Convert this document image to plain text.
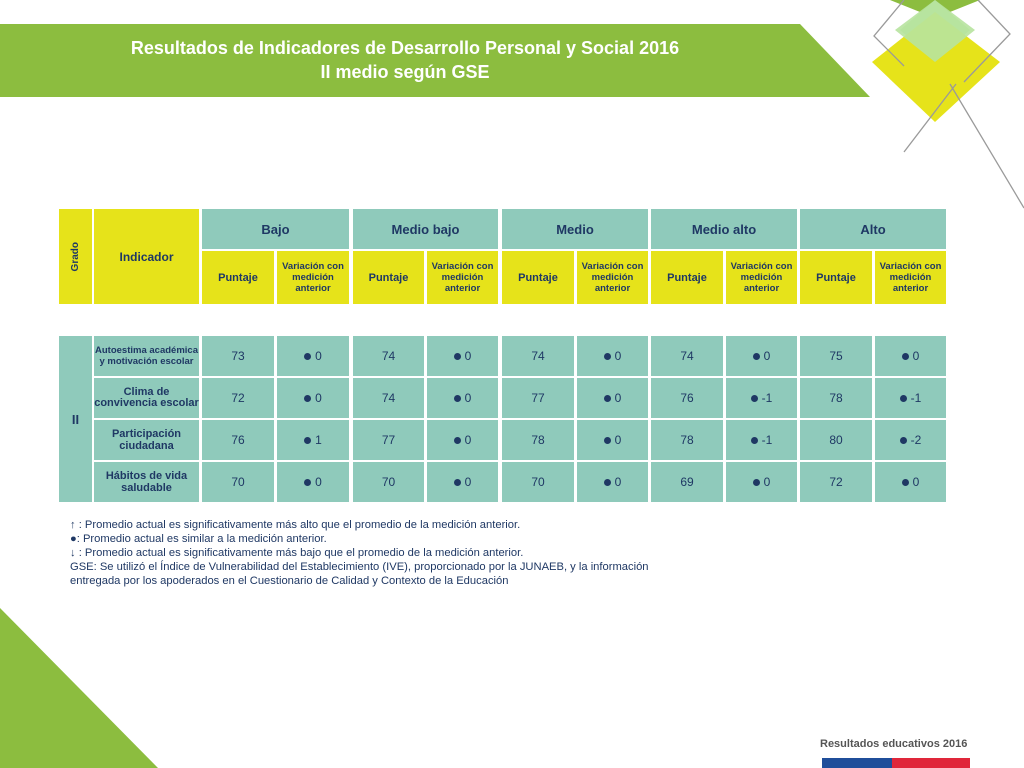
Resultados de Indicadores de Desarrollo Personal y Social 2016
II medio según GSE
Grado	Indicador
Bajo	Medio bajo	Medio	Medio alto	Alto
Puntaje
Variación con medición anterior
Puntaje
Variación con medición anterior
Puntaje
Variación con medición anterior
Puntaje
Variación con medición anterior
Puntaje
Variación con medición anterior
II
Autoestima académica y motivación escolar	73	0	74	0	74	0	74	0	75	0
Clima de convivencia escolar	72	0	74	0	77	0	76	-1	78	-1
Participación ciudadana	76	1	77	0	78	0	78	-1	80	-2
Hábitos de vida saludable	70	0	70	0	70	0	69	0	72	0
↑ : Promedio actual es significativamente más alto que el promedio de la medición anterior.
●: Promedio actual es similar a la medición anterior.
↓ : Promedio actual es significativamente más bajo que el promedio de la medición anterior.
GSE: Se utilizó el Índice de Vulnerabilidad del Establecimiento (IVE), proporcionado por la JUNAEB, y la información
entregada por los apoderados en el Cuestionario de Calidad y Contexto de la Educación
Resultados educativos 2016
